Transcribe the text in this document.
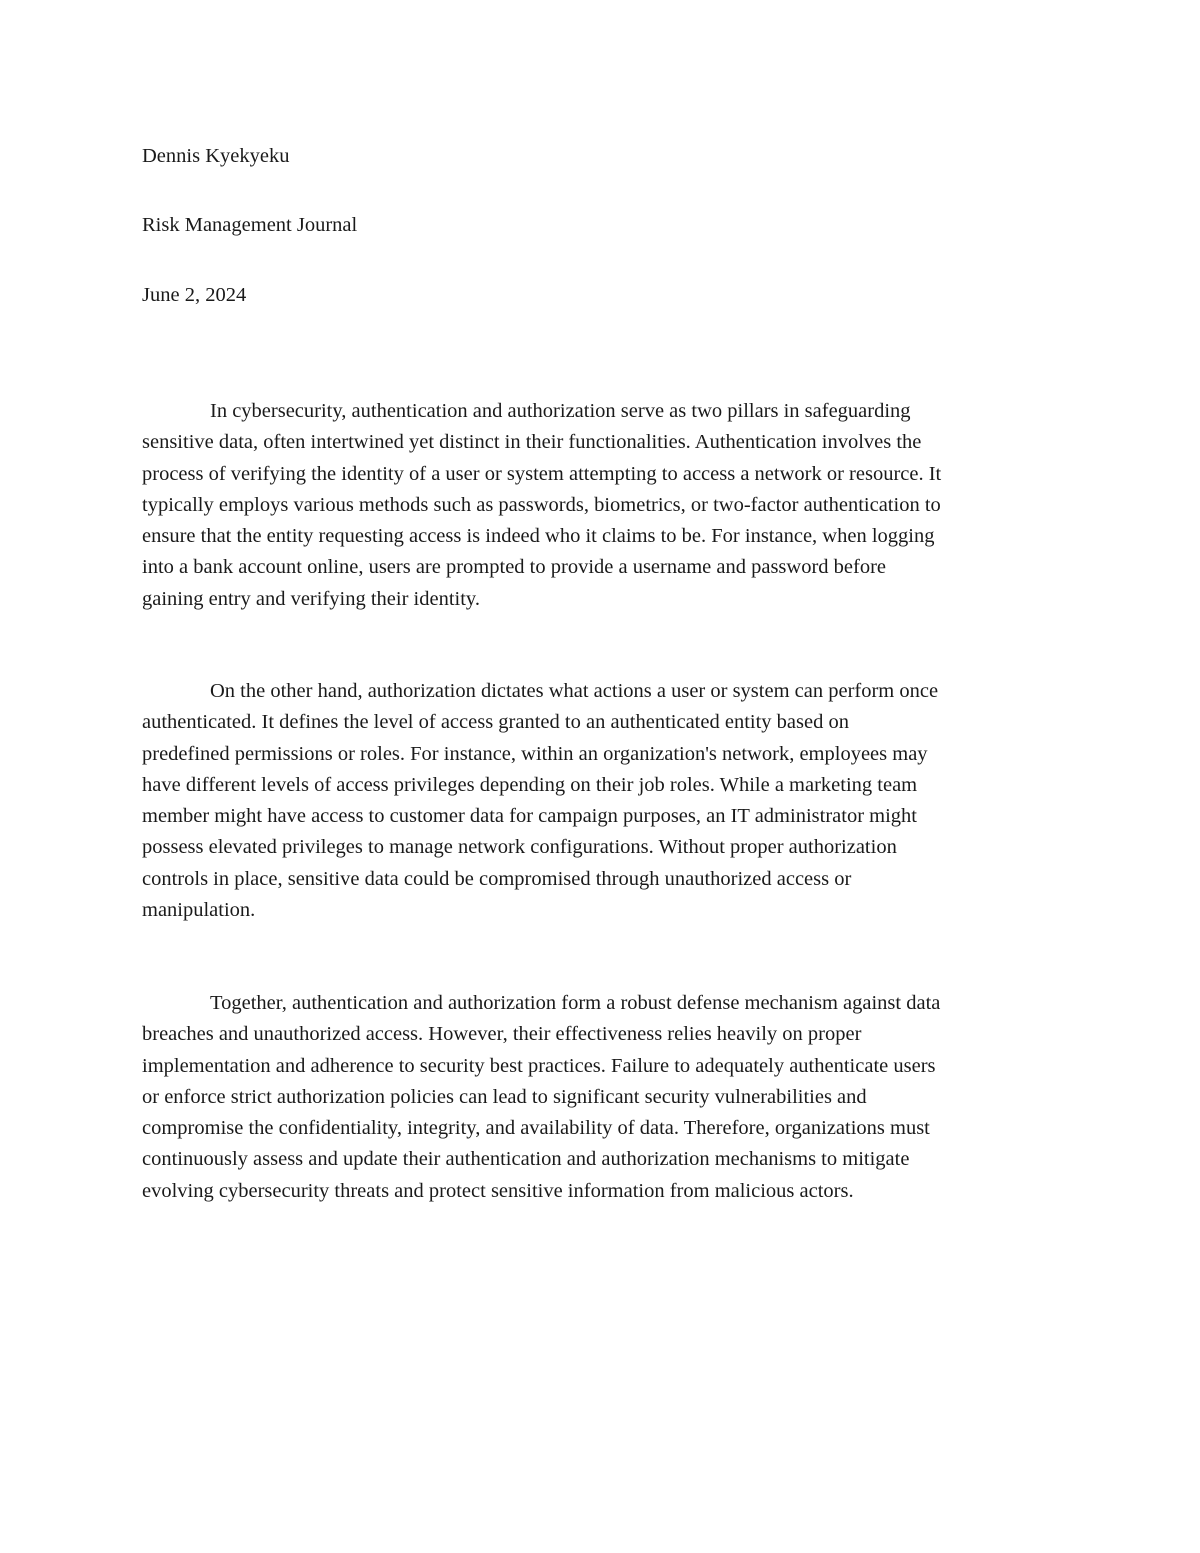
Dennis Kyekyeku
Risk Management Journal
June 2, 2024

In cybersecurity, authentication and authorization serve as two pillars in safeguarding
sensitive data, often intertwined yet distinct in their functionalities. Authentication involves the
process of verifying the identity of a user or system attempting to access a network or resource. It
typically employs various methods such as passwords, biometrics, or two-factor authentication to
ensure that the entity requesting access is indeed who it claims to be. For instance, when logging
into a bank account online, users are prompted to provide a username and password before
gaining entry and verifying their identity.

On the other hand, authorization dictates what actions a user or system can perform once
authenticated. It defines the level of access granted to an authenticated entity based on
predefined permissions or roles. For instance, within an organization's network, employees may
have different levels of access privileges depending on their job roles. While a marketing team
member might have access to customer data for campaign purposes, an IT administrator might
possess elevated privileges to manage network configurations. Without proper authorization
controls in place, sensitive data could be compromised through unauthorized access or
manipulation.

Together, authentication and authorization form a robust defense mechanism against data
breaches and unauthorized access. However, their effectiveness relies heavily on proper
implementation and adherence to security best practices. Failure to adequately authenticate users
or enforce strict authorization policies can lead to significant security vulnerabilities and
compromise the confidentiality, integrity, and availability of data. Therefore, organizations must
continuously assess and update their authentication and authorization mechanisms to mitigate
evolving cybersecurity threats and protect sensitive information from malicious actors.
